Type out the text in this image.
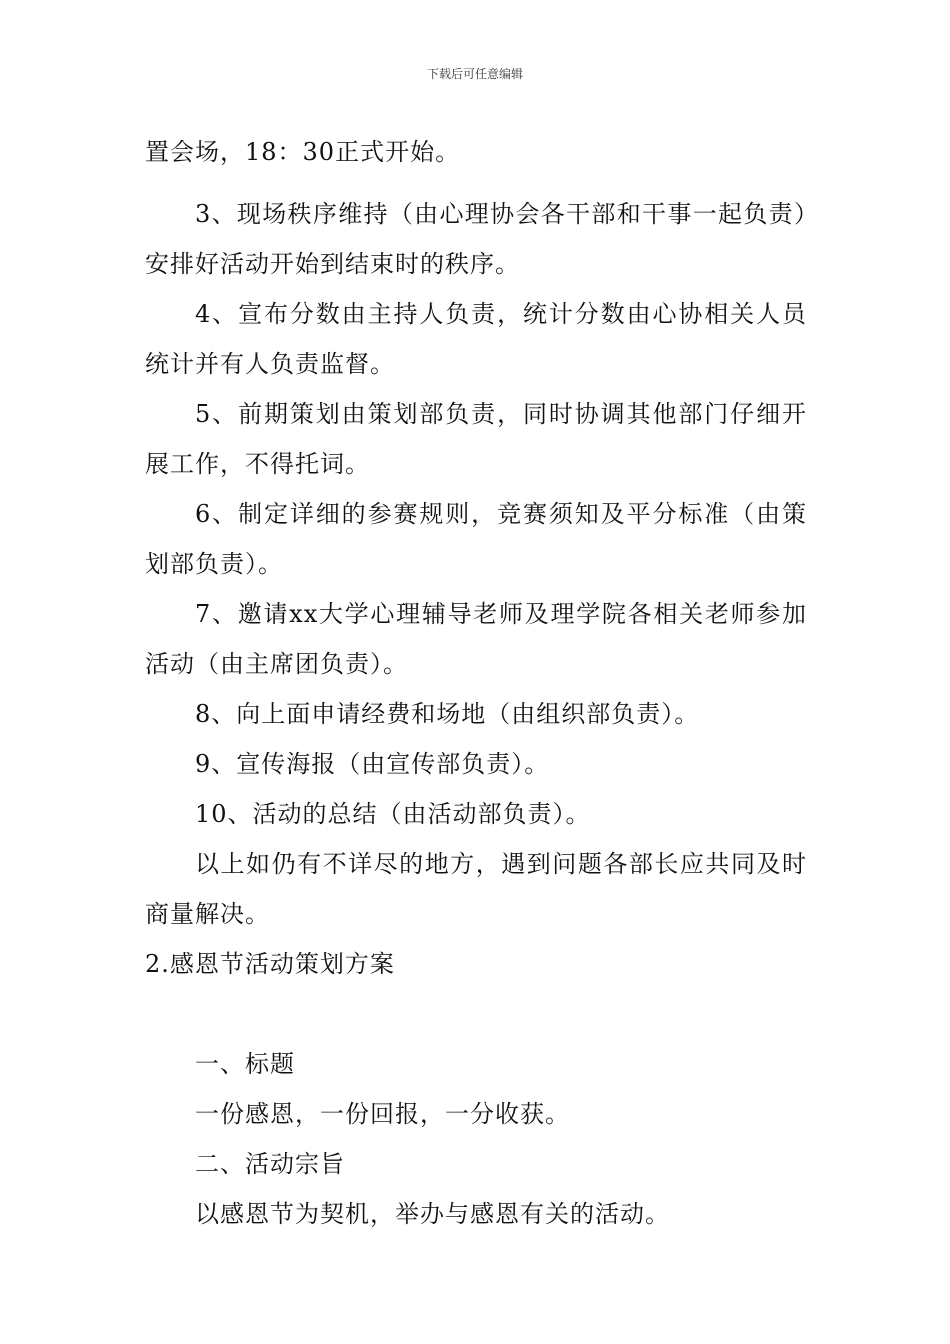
下载后可任意编辑

置会场，18：30正式开始。

3、现场秩序维持（由心理协会各干部和干事一起负责）安排好活动开始到结束时的秩序。

4、宣布分数由主持人负责，统计分数由心协相关人员统计并有人负责监督。

5、前期策划由策划部负责，同时协调其他部门仔细开展工作，不得托词。

6、制定详细的参赛规则，竞赛须知及平分标准（由策划部负责）。

7、邀请xx大学心理辅导老师及理学院各相关老师参加活动（由主席团负责）。

8、向上面申请经费和场地（由组织部负责）。

9、宣传海报（由宣传部负责）。

10、活动的总结（由活动部负责）。

以上如仍有不详尽的地方，遇到问题各部长应共同及时商量解决。

2.感恩节活动策划方案

一、标题

一份感恩，一份回报，一分收获。

二、活动宗旨

以感恩节为契机，举办与感恩有关的活动。
